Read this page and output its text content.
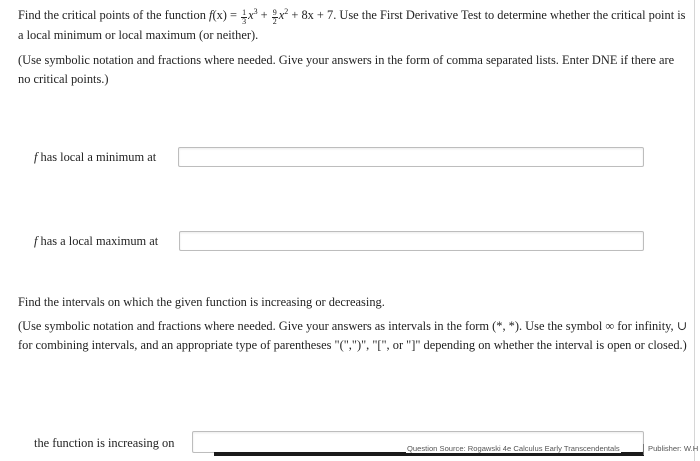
Find the critical points of the function $f(x) = \frac{1}{3} x^3 + \frac{9}{2} x^2 + 8x + 7$. Use the First Derivative Test to determine whether the critical point is a local minimum or local maximum (or neither).

(Use symbolic notation and fractions where needed. Give your answers in the form of comma separated lists. Enter DNE if there are no critical points.)

f has local a minimum at
f has a local maximum at

Find the intervals on which the given function is increasing or decreasing.

(Use symbolic notation and fractions where needed. Give your answers as intervals in the form (*, *). Use the symbol ∞ for infinity, ∪ for combining intervals, and an appropriate type of parentheses "(",")", "[", or "]" depending on whether the interval is open or closed.)

the function is increasing on	Question Source: Rogawski 4e Calculus Early Transcendentals	Publisher: W.H
